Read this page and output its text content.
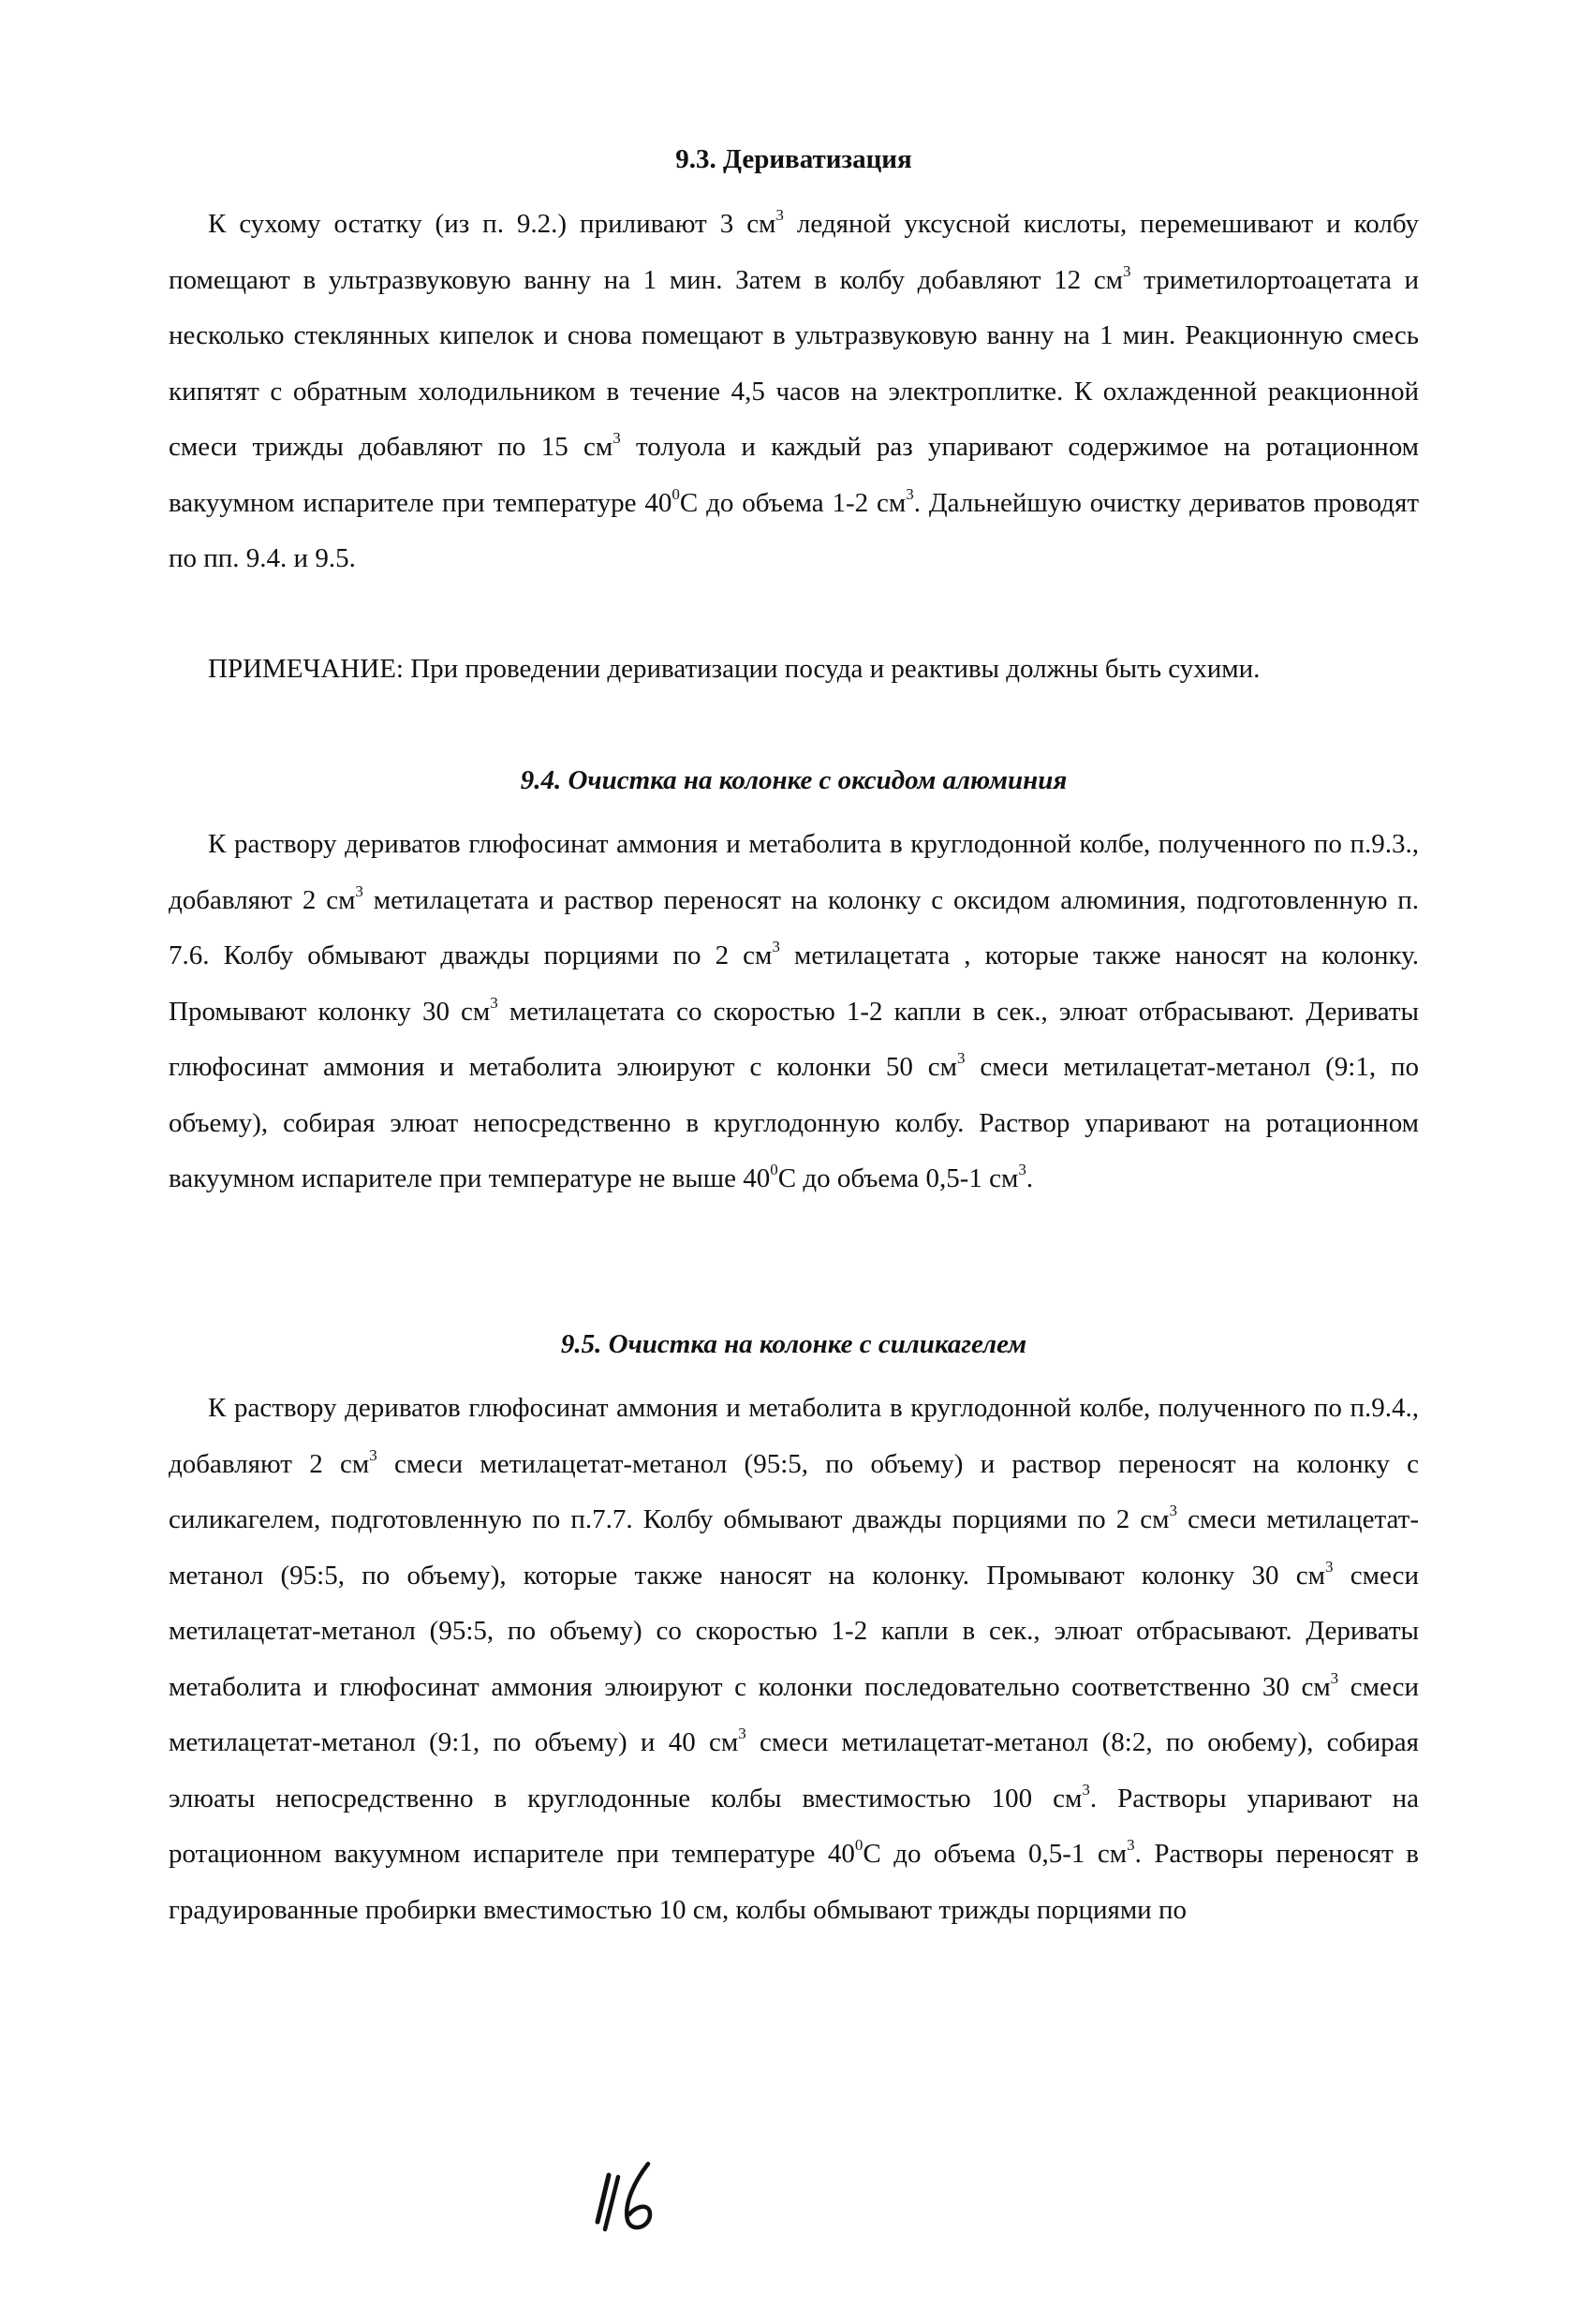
9.3. Дериватизация

К сухому остатку (из п. 9.2.) приливают 3 $см^3$ ледяной уксусной кислоты, перемешивают и колбу помещают в ультразвуковую ванну на 1 мин. Затем в колбу добавляют 12 $см^3$ триметилортоацетата и несколько стеклянных кипелок и снова помещают в ультразвуковую ванну на 1 мин. Реакционную смесь кипятят с обратным холодильником в течение 4,5 часов на электроплитке. К охлажденной реакционной смеси трижды добавляют по 15 $см^3$ толуола и каждый раз упаривают содержимое на ротационном вакуумном испарителе при температуре $40^0С$ до объема 1-2 $см^3$. Дальнейшую очистку дериватов проводят по пп. 9.4. и 9.5.

ПРИМЕЧАНИЕ: При проведении дериватизации посуда и реактивы должны быть сухими.

9.4. Очистка на колонке с оксидом алюминия

К раствору дериватов глюфосинат аммония и метаболита в круглодонной колбе, полученного по п.9.3., добавляют 2 $см^3$ метилацетата и раствор переносят на колонку с оксидом алюминия, подготовленную п. 7.6. Колбу обмывают дважды порциями по 2 $см^3$ метилацетата , которые также наносят на колонку. Промывают колонку 30 $см^3$ метилацетата со скоростью 1-2 капли в сек., элюат отбрасывают. Дериваты глюфосинат аммония и метаболита элюируют с колонки 50 $см^3$ смеси метилацетат-метанол (9:1, по объему), собирая элюат непосредственно в круглодонную колбу. Раствор упаривают на ротационном вакуумном испарителе при температуре не выше $40^0С$ до объема 0,5-1 $см^3$.

9.5. Очистка на колонке с силикагелем

К раствору дериватов глюфосинат аммония и метаболита в круглодонной колбе, полученного по п.9.4., добавляют 2 $см^3$ смеси метилацетат-метанол (95:5, по объему) и раствор переносят на колонку с силикагелем, подготовленную по п.7.7. Колбу обмывают дважды порциями по 2 $см^3$ смеси метилацетат-метанол (95:5, по объему), которые также наносят на колонку. Промывают колонку 30 $см^3$ смеси метилацетат-метанол (95:5, по объему) со скоростью 1-2 капли в сек., элюат отбрасывают. Дериваты метаболита и глюфосинат аммония элюируют с колонки последовательно соответственно 30 $см^3$ смеси метилацетат-метанол (9:1, по объему) и 40 $см^3$ смеси метилацетат-метанол (8:2, по оюбему), собирая элюаты непосредственно в круглодонные колбы вместимостью 100 $см^3$. Растворы упаривают на ротационном вакуумном испарителе при температуре $40^0С$ до объема 0,5-1 $см^3$. Растворы переносят в градуированные пробирки вместимостью 10 см, колбы обмывают трижды порциями по
